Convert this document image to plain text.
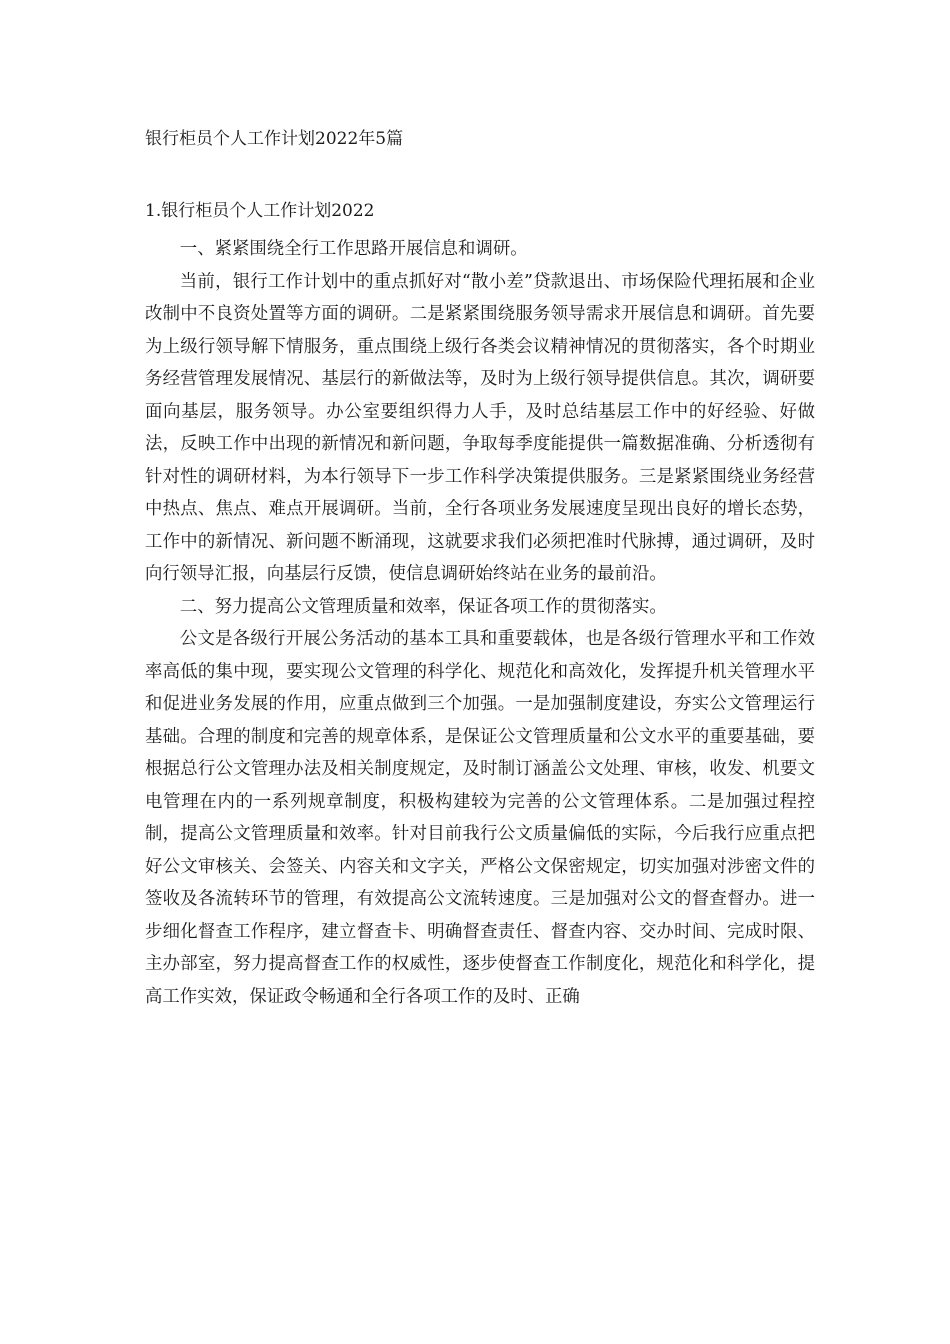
银行柜员个人工作计划2022年5篇
1.银行柜员个人工作计划2022

一、紧紧围绕全行工作思路开展信息和调研。

当前，银行工作计划中的重点抓好对“散小差”贷款退出、市场保险代理拓展和企业改制中不良资处置等方面的调研。二是紧紧围绕服务领导需求开展信息和调研。首先要为上级行领导解下情服务，重点围绕上级行各类会议精神情况的贯彻落实，各个时期业务经营管理发展情况、基层行的新做法等，及时为上级行领导提供信息。其次，调研要面向基层，服务领导。办公室要组织得力人手，及时总结基层工作中的好经验、好做法，反映工作中出现的新情况和新问题，争取每季度能提供一篇数据准确、分析透彻有针对性的调研材料，为本行领导下一步工作科学决策提供服务。三是紧紧围绕业务经营中热点、焦点、难点开展调研。当前，全行各项业务发展速度呈现出良好的增长态势，工作中的新情况、新问题不断涌现，这就要求我们必须把准时代脉搏，通过调研，及时向行领导汇报，向基层行反馈，使信息调研始终站在业务的最前沿。

二、努力提高公文管理质量和效率，保证各项工作的贯彻落实。

公文是各级行开展公务活动的基本工具和重要载体，也是各级行管理水平和工作效率高低的集中现，要实现公文管理的科学化、规范化和高效化，发挥提升机关管理水平和促进业务发展的作用，应重点做到三个加强。一是加强制度建设，夯实公文管理运行基础。合理的制度和完善的规章体系，是保证公文管理质量和公文水平的重要基础，要根据总行公文管理办法及相关制度规定，及时制订涵盖公文处理、审核，收发、机要文电管理在内的一系列规章制度，积极构建较为完善的公文管理体系。二是加强过程控制，提高公文管理质量和效率。针对目前我行公文质量偏低的实际，今后我行应重点把好公文审核关、会签关、内容关和文字关，严格公文保密规定，切实加强对涉密文件的签收及各流转环节的管理，有效提高公文流转速度。三是加强对公文的督查督办。进一步细化督查工作程序，建立督查卡、明确督查责任、督查内容、交办时间、完成时限、主办部室，努力提高督查工作的权威性，逐步使督查工作制度化，规范化和科学化，提高工作实效，保证政令畅通和全行各项工作的及时、正确
